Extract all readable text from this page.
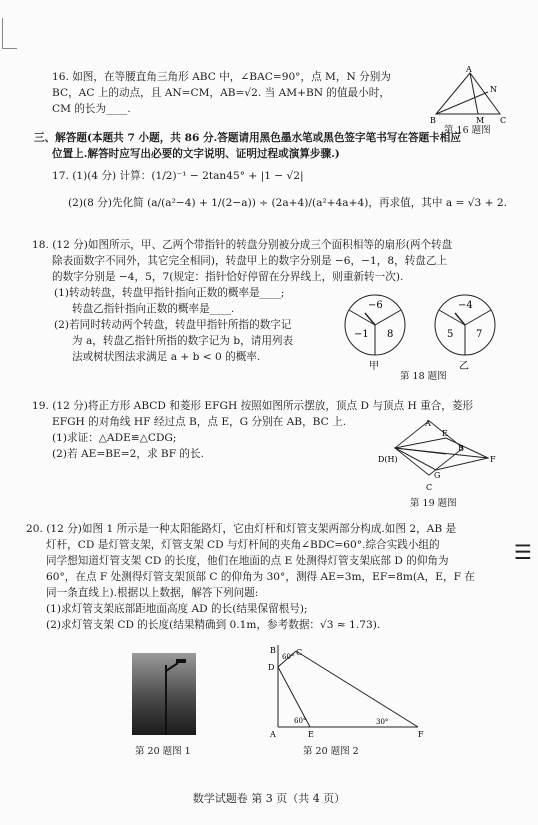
16. 如图，在等腰直角三角形 ABC 中，∠BAC=90°，点 M，N 分别为
BC，AC 上的动点，且 AN=CM，AB=√2. 当 AM+BN 的值最小时，
CM 的长为____.
A
B	M
N
C
第 16 题图
三、解答题(本题共 7 小题，共 86 分.答题请用黑色墨水笔或黑色签字笔书写在答题卡相应
位置上.解答时应写出必要的文字说明、证明过程或演算步骤.)
17. (1)(4 分) 计算：(1/2)⁻¹ − 2tan45° + |1 − √2|
(2)(8 分)先化简 (a/(a²−4) + 1/(2−a)) ÷ (2a+4)/(a²+4a+4)，再求值，其中 a = √3 + 2.
18. (12 分)如图所示，甲、乙两个带指针的转盘分别被分成三个面积相等的扇形(两个转盘
除表面数字不同外，其它完全相同)，转盘甲上的数字分别是 −6，−1，8，转盘乙上
的数字分别是 −4，5，7(规定：指针恰好停留在分界线上，则重新转一次).
(1)转动转盘，转盘甲指针指向正数的概率是____;
转盘乙指针指向正数的概率是____.
(2)若同时转动两个转盘，转盘甲指针所指的数字记
为 a，转盘乙指针所指的数字记为 b，请用列表
法或树状图法求满足 a + b < 0 的概率.
−6
−1 8
甲
−4
5 7
乙
第 18 题图
19. (12 分)将正方形 ABCD 和菱形 EFGH 按照如图所示摆放，顶点 D 与顶点 H 重合，菱形
EFGH 的对角线 HF 经过点 B，点 E，G 分别在 AB，BC 上.
(1)求证：△ADE≌△CDG;
(2)若 AE=BE=2，求 BF 的长.
A
E
B
D(H)	F
G
C
第 19 题图
20. (12 分)如图 1 所示是一种太阳能路灯，它由灯杆和灯管支架两部分构成.如图 2，AB 是
灯杆，CD 是灯管支架，灯管支架 CD 与灯杆间的夹角∠BDC=60°.综合实践小组的
同学想知道灯管支架 CD 的长度，他们在地面的点 E 处测得灯管支架底部 D 的仰角为
60°，在点 F 处测得灯管支架顶部 C 的仰角为 30°，测得 AE=3m，EF=8m(A，E，F 在
同一条直线上).根据以上数据，解答下列问题:
(1)求灯管支架底部距地面高度 AD 的长(结果保留根号);
(2)求灯管支架 CD 的长度(结果精确到 0.1m，参考数据：√3 ≈ 1.73).
第 20 题图 1
B	C
D
A	E	F
60°
60°	30°
第 20 题图 2
☰
数学试题卷 第 3 页（共 4 页）
